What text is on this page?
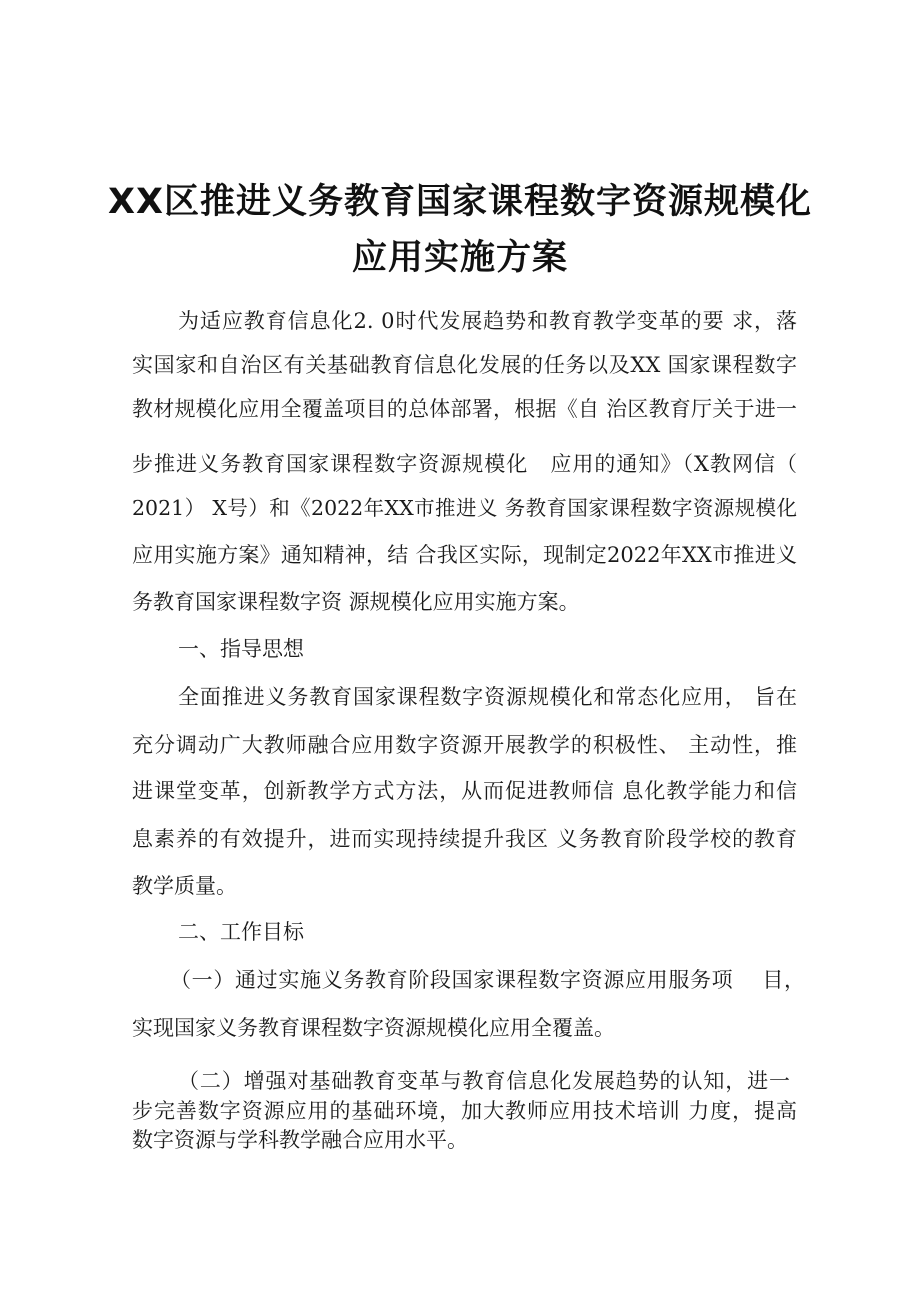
XX区推进义务教育国家课程数字资源规模化
应用实施方案
为适应教育信息化2. 0时代发展趋势和教育教学变革的要 求，落
实国家和自治区有关基础教育信息化发展的任务以及XX 国家课程数字
教材规模化应用全覆盖项目的总体部署，根据《自 治区教育厅关于进一
步推进义务教育国家课程数字资源规模化　应用的通知》（X教网信（
2021） X号）和《2022年XX市推进义 务教育国家课程数字资源规模化
应用实施方案》通知精神，结 合我区实际，现制定2022年XX市推进义
务教育国家课程数字资 源规模化应用实施方案。
一、指导思想
全面推进义务教育国家课程数字资源规模化和常态化应用， 旨在
充分调动广大教师融合应用数字资源开展教学的积极性、 主动性，推
进课堂变革，创新教学方式方法，从而促进教师信 息化教学能力和信
息素养的有效提升，进而实现持续提升我区 义务教育阶段学校的教育
教学质量。
二、工作目标
（一）通过实施义务教育阶段国家课程数字资源应用服务项　 目，
实现国家义务教育课程数字资源规模化应用全覆盖。
（二）增强对基础教育变革与教育信息化发展趋势的认知，进一
步完善数字资源应用的基础环境，加大教师应用技术培训 力度，提高
数字资源与学科教学融合应用水平。
